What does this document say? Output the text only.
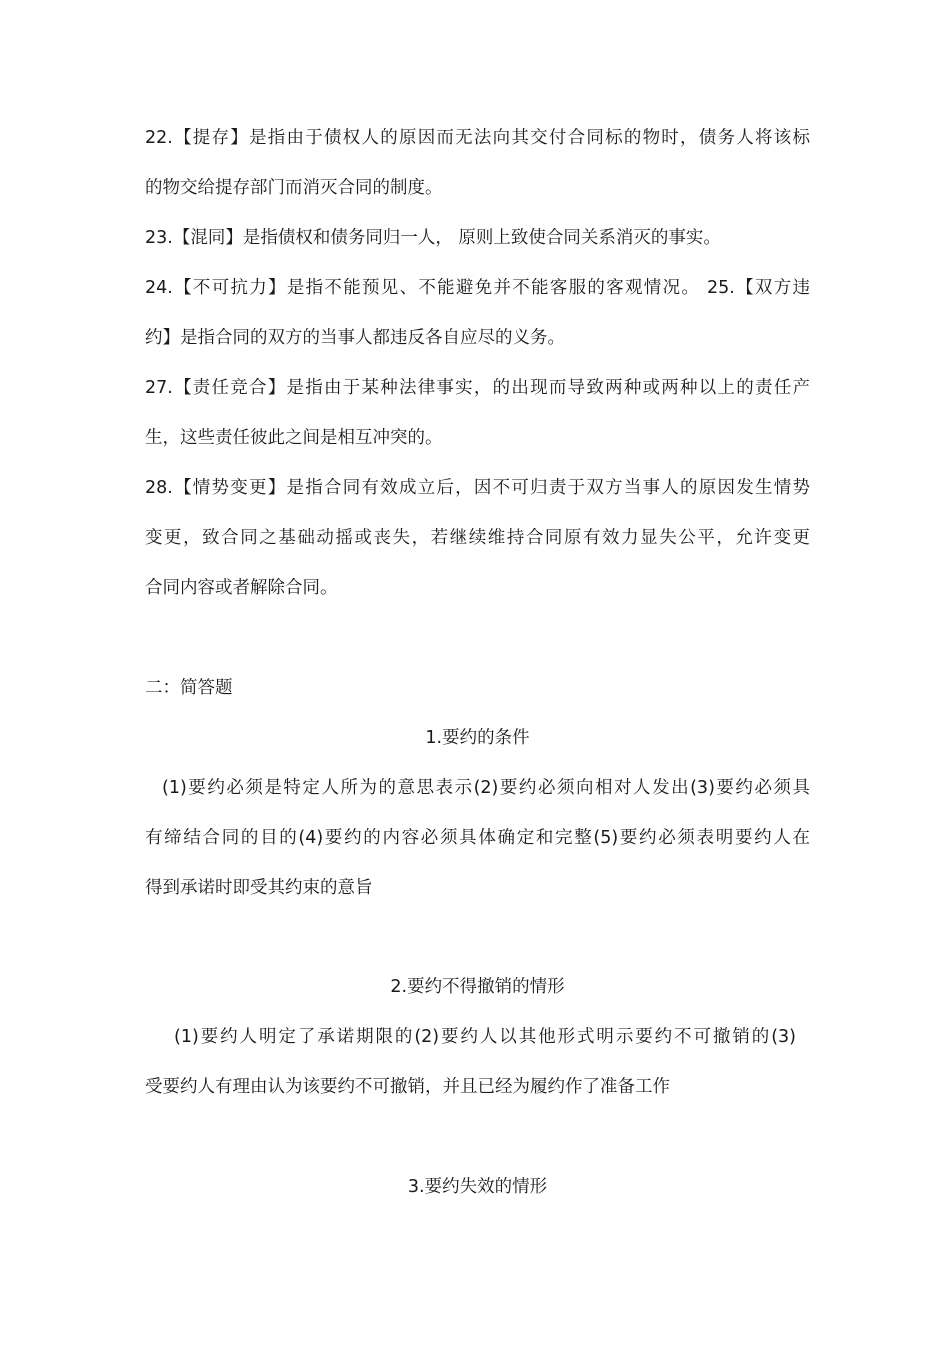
22.【提存】是指由于债权人的原因而无法向其交付合同标的物时，债务人将该标
的物交给提存部门而消灭合同的制度。
23.【混同】是指债权和债务同归一人， 原则上致使合同关系消灭的事实。
24.【不可抗力】是指不能预见、不能避免并不能客服的客观情况。 25.【双方违
约】是指合同的双方的当事人都违反各自应尽的义务。
27.【责任竞合】是指由于某种法律事实，的出现而导致两种或两种以上的责任产
生，这些责任彼此之间是相互冲突的。
28.【情势变更】是指合同有效成立后，因不可归责于双方当事人的原因发生情势
变更，致合同之基础动摇或丧失，若继续维持合同原有效力显失公平，允许变更
合同内容或者解除合同。
二：简答题
1.要约的条件
(1)要约必须是特定人所为的意思表示(2)要约必须向相对人发出(3)要约必须具
有缔结合同的目的(4)要约的内容必须具体确定和完整(5)要约必须表明要约人在
得到承诺时即受其约束的意旨
2.要约不得撤销的情形
(1)要约人明定了承诺期限的(2)要约人以其他形式明示要约不可撤销的(3)
受要约人有理由认为该要约不可撤销，并且已经为履约作了准备工作
3.要约失效的情形
